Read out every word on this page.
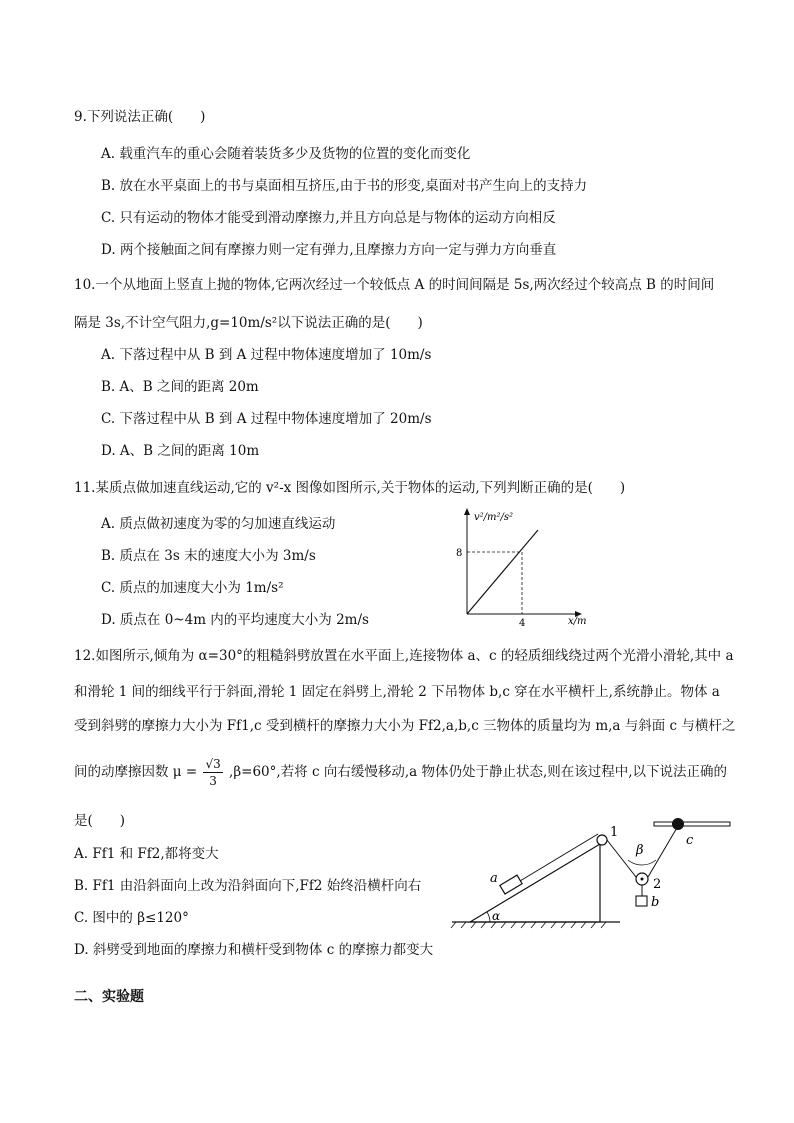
9.下列说法正确(　　)
A. 载重汽车的重心会随着装货多少及货物的位置的变化而变化
B. 放在水平桌面上的书与桌面相互挤压,由于书的形变,桌面对书产生向上的支持力
C. 只有运动的物体才能受到滑动摩擦力,并且方向总是与物体的运动方向相反
D. 两个接触面之间有摩擦力则一定有弹力,且摩擦力方向一定与弹力方向垂直
10.一个从地面上竖直上抛的物体,它两次经过一个较低点 A 的时间间隔是 5s,两次经过个较高点 B 的时间间
隔是 3s,不计空气阻力,g=10m/s²以下说法正确的是(　　)
A. 下落过程中从 B 到 A 过程中物体速度增加了 10m/s
B. A、B 之间的距离 20m
C. 下落过程中从 B 到 A 过程中物体速度增加了 20m/s
D. A、B 之间的距离 10m
11.某质点做加速直线运动,它的 v²-x 图像如图所示,关于物体的运动,下列判断正确的是(　　)
A. 质点做初速度为零的匀加速直线运动
B. 质点在 3s 末的速度大小为 3m/s
C. 质点的加速度大小为 1m/s²
D. 质点在 0~4m 内的平均速度大小为 2m/s
v²/m²/s²
x/m
8
4
12.如图所示,倾角为 α=30°的粗糙斜劈放置在水平面上,连接物体 a、c 的轻质细线绕过两个光滑小滑轮,其中 a
和滑轮 1 间的细线平行于斜面,滑轮 1 固定在斜劈上,滑轮 2 下吊物体 b,c 穿在水平横杆上,系统静止。物体 a
受到斜劈的摩擦力大小为 Ff1,c 受到横杆的摩擦力大小为 Ff2,a,b,c 三物体的质量均为 m,a 与斜面 c 与横杆之
间的动摩擦因数 $\mu = \frac{√3}{3} ,\beta=60^\circ$,若将 c 向右缓慢移动,a 物体仍处于静止状态,则在该过程中,以下说法正确的
是(　　)
A. Ff1 和 Ff2,都将变大
B. Ff1 由沿斜面向上改为沿斜面向下,Ff2 始终沿横杆向右
C. 图中的 β≤120°
D. 斜劈受到地面的摩擦力和横杆受到物体 c 的摩擦力都变大
α
a
1
2
β
b
c
二、实验题
